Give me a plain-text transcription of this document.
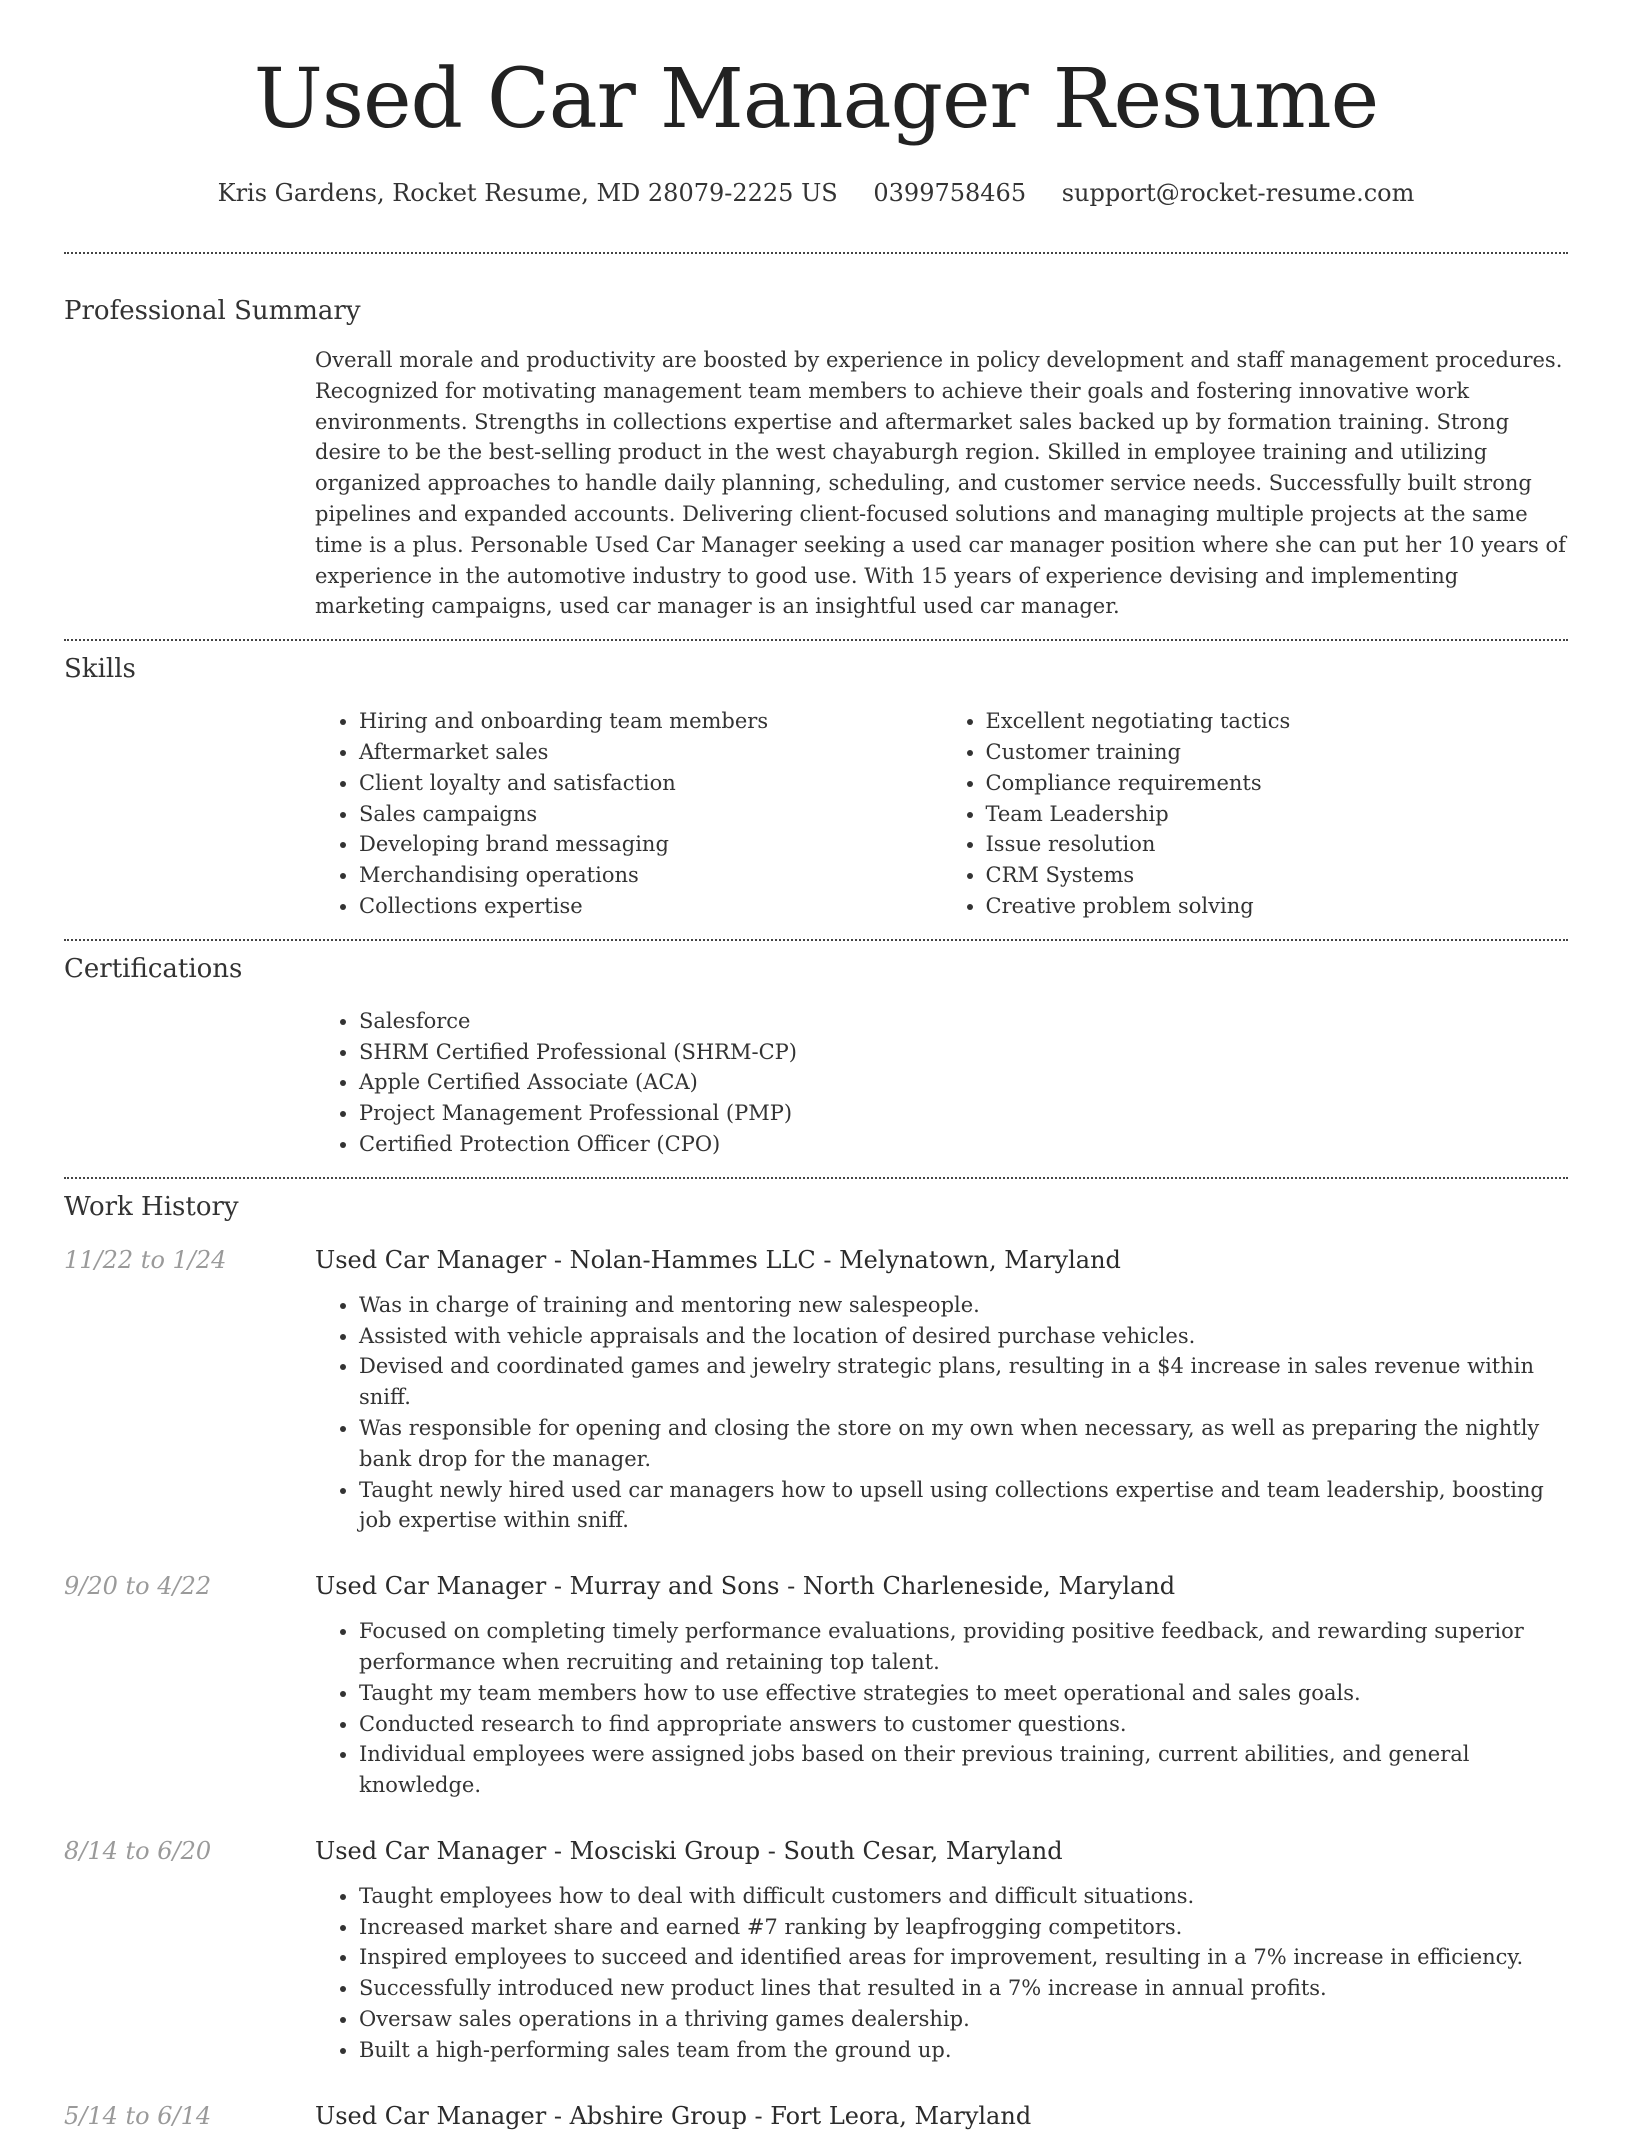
Used Car Manager Resume
Kris Gardens, Rocket Resume, MD 28079-2225 US 0399758465 support@rocket-resume.com
Professional Summary

Overall morale and productivity are boosted by experience in policy development and staff management procedures. Recognized for motivating management team members to achieve their goals and fostering innovative work environments. Strengths in collections expertise and aftermarket sales backed up by formation training. Strong desire to be the best-selling product in the west chayaburgh region. Skilled in employee training and utilizing organized approaches to handle daily planning, scheduling, and customer service needs. Successfully built strong pipelines and expanded accounts. Delivering client-focused solutions and managing multiple projects at the same time is a plus. Personable Used Car Manager seeking a used car manager position where she can put her 10 years of experience in the automotive industry to good use. With 15 years of experience devising and implementing marketing campaigns, used car manager is an insightful used car manager.

Skills
• Hiring and onboarding team members
• Aftermarket sales
• Client loyalty and satisfaction
• Sales campaigns
• Developing brand messaging
• Merchandising operations
• Collections expertise
• Excellent negotiating tactics
• Customer training
• Compliance requirements
• Team Leadership
• Issue resolution
• CRM Systems
• Creative problem solving
Certifications
• Salesforce
• SHRM Certified Professional (SHRM-CP)
• Apple Certified Associate (ACA)
• Project Management Professional (PMP)
• Certified Protection Officer (CPO)
Work History
11/22 to 1/24	Used Car Manager - Nolan-Hammes LLC - Melynatown, Maryland
• Was in charge of training and mentoring new salespeople.
• Assisted with vehicle appraisals and the location of desired purchase vehicles.
• Devised and coordinated games and jewelry strategic plans, resulting in a $4 increase in sales revenue within sniff.
• Was responsible for opening and closing the store on my own when necessary, as well as preparing the nightly bank drop for the manager.
• Taught newly hired used car managers how to upsell using collections expertise and team leadership, boosting job expertise within sniff.
9/20 to 4/22	Used Car Manager - Murray and Sons - North Charleneside, Maryland
• Focused on completing timely performance evaluations, providing positive feedback, and rewarding superior performance when recruiting and retaining top talent.
• Taught my team members how to use effective strategies to meet operational and sales goals.
• Conducted research to find appropriate answers to customer questions.
• Individual employees were assigned jobs based on their previous training, current abilities, and general knowledge.
8/14 to 6/20	Used Car Manager - Mosciski Group - South Cesar, Maryland
• Taught employees how to deal with difficult customers and difficult situations.
• Increased market share and earned #7 ranking by leapfrogging competitors.
• Inspired employees to succeed and identified areas for improvement, resulting in a 7% increase in efficiency.
• Successfully introduced new product lines that resulted in a 7% increase in annual profits.
• Oversaw sales operations in a thriving games dealership.
• Built a high-performing sales team from the ground up.
5/14 to 6/14	Used Car Manager - Abshire Group - Fort Leora, Maryland
